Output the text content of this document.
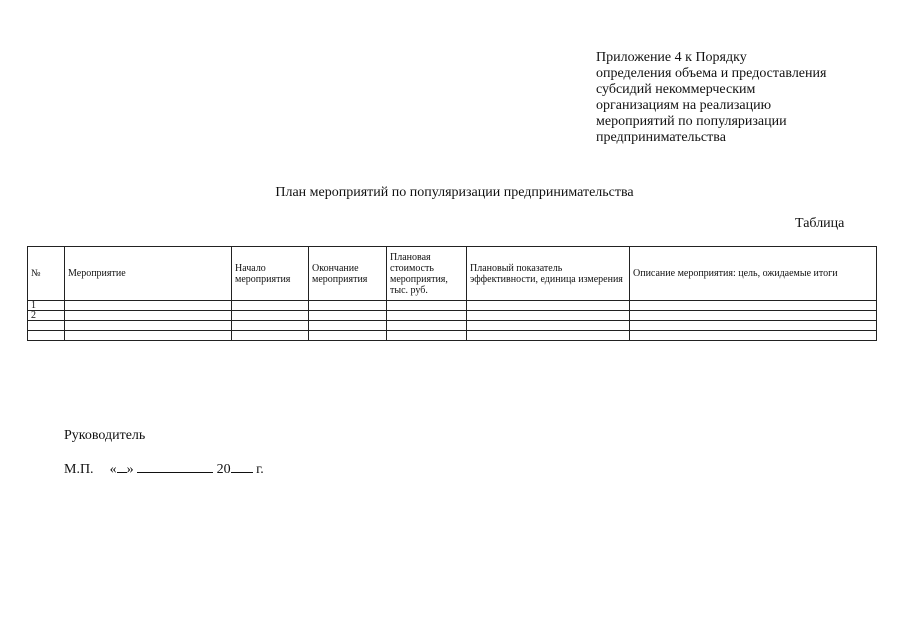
Приложение 4 к Порядку
определения объема и предоставления
субсидий некоммерческим
организациям на реализацию
мероприятий по популяризации
предпринимательства
План мероприятий по популяризации предпринимательства
Таблица
№	Мероприятие	Начало мероприятия	Окончание мероприятия	Плановая стоимость мероприятия, тыс. руб.	Плановый показатель эффективности, единица измерения	Описание мероприятия: цель, ожидаемые итоги
1						
2						

Руководитель
М.П. « »	20 г.
